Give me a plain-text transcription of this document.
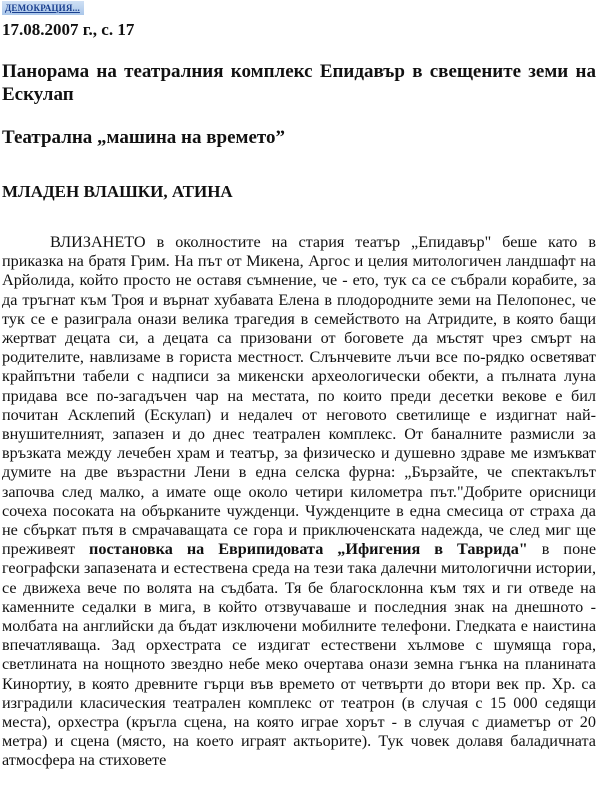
ДЕМОКРАЦИЯ...
17.08.2007 г., с. 17
Панорама на театралния комплекс Епидавър в свещените земи на Ескулап
Театрална „машина на времето”
МЛАДЕН ВЛАШКИ, АТИНА

ВЛИЗАНЕТО в околностите на стария театър „Епидавър" беше като в приказка на братя Грим. На път от Микена, Аргос и целия митологичен ландшафт на Арйолида, който просто не оставя съмнение, че - ето, тук са се събрали корабите, за да тръгнат към Троя и върнат хубавата Елена в плодородните земи на Пелопонес, че тук се е разиграла онази велика трагедия в семейството на Атридите, в която бащи жертват децата си, а децата са призовани от боговете да мъстят чрез смърт на родителите, навлизаме в гориста местност. Слънчевите лъчи все по-рядко осветяват крайпътни табели с надписи за микенски археологически обекти, а пълната луна придава все по-загадъчен чар на местата, по които преди десетки векове е бил почитан Асклепий (Ескулап) и недалеч от неговото светилище е издигнат най-внушителният, запазен и до днес театрален комплекс. От баналните размисли за връзката между лечебен храм и театър, за физическо и душевно здраве ме измъкват думите на две възрастни Лени в една селска фурна: „Бързайте, че спектакълът започва след малко, а имате още около четири километра път."Добрите орисници сочеха посоката на объркaните чужденци. Чужденците в една смесица от страха да не сбъркат пътя в смрачаващата се гора и приключенската надежда, че след миг ще преживеят постановка на Еврипидовата „Ифигения в Таврида" в поне географски запазената и естествена среда на тези така далечни митологични истории, се движеха вече по волята на съдбата. Тя бе благосклонна към тях и ги отведе на каменните седалки в мига, в който отзвучаваше и последния знак на днешното - молбата на английски да бъдат изключени мобилните телефони. Гледката е наистина впечатляваща. Зад орхестрата се издигат естествени хълмове с шумяща гора, светлината на нощното звездно небе меко очертава онази земна гънка на планината Кинортиу, в която древните гърци във времето от четвърти до втори век пр. Хр. са изградили класическия театрален комплекс от театрон (в случая с 15 000 седящи места), орхестра (кръгла сцена, на която играе хорът - в случая с диаметър от 20 метра) и сцена (място, на което играят актьорите). Тук човек долавя баладичната атмосфера на стиховете
